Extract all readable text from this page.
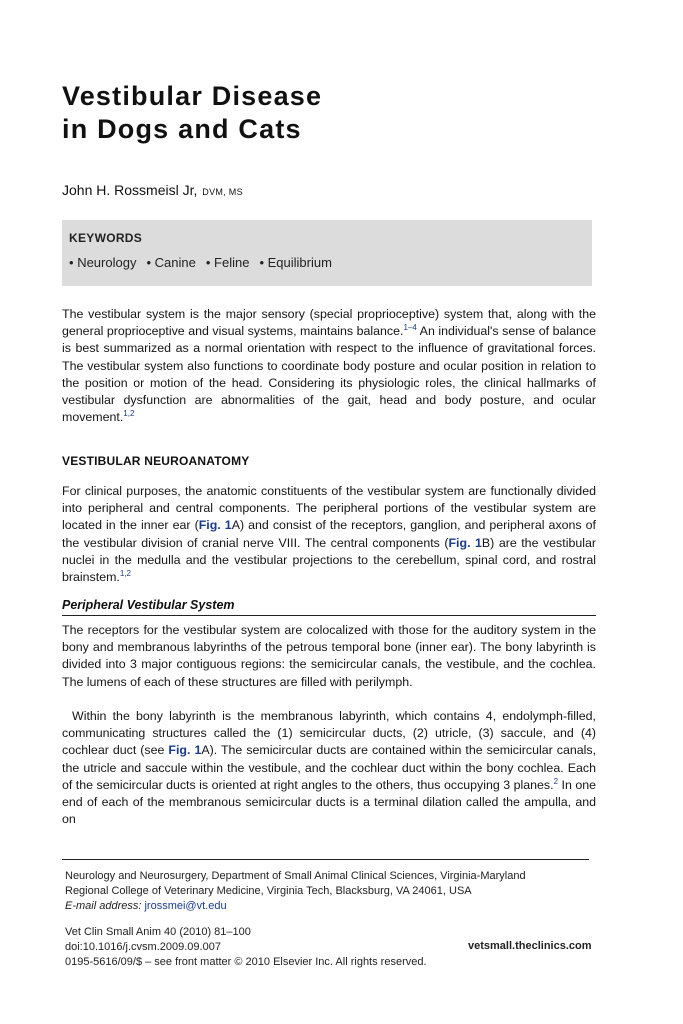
Vestibular Disease
in Dogs and Cats
John H. Rossmeisl Jr, DVM, MS
KEYWORDS
• Neurology • Canine • Feline • Equilibrium

The vestibular system is the major sensory (special proprioceptive) system that, along with the general proprioceptive and visual systems, maintains balance.$^{1-4}$ An individual's sense of balance is best summarized as a normal orientation with respect to the influence of gravitational forces. The vestibular system also functions to coordinate body posture and ocular position in relation to the position or motion of the head. Considering its physiologic roles, the clinical hallmarks of vestibular dysfunction are abnormalities of the gait, head and body posture, and ocular movement.$^{1,2}$

VESTIBULAR NEUROANATOMY

For clinical purposes, the anatomic constituents of the vestibular system are functionally divided into peripheral and central components. The peripheral portions of the vestibular system are located in the inner ear (Fig. 1A) and consist of the receptors, ganglion, and peripheral axons of the vestibular division of cranial nerve VIII. The central components (Fig. 1B) are the vestibular nuclei in the medulla and the vestibular projections to the cerebellum, spinal cord, and rostral brainstem.$^{1,2}$

Peripheral Vestibular System

The receptors for the vestibular system are colocalized with those for the auditory system in the bony and membranous labyrinths of the petrous temporal bone (inner ear). The bony labyrinth is divided into 3 major contiguous regions: the semicircular canals, the vestibule, and the cochlea. The lumens of each of these structures are filled with perilymph.

Within the bony labyrinth is the membranous labyrinth, which contains 4, endolymph-filled, communicating structures called the (1) semicircular ducts, (2) utricle, (3) saccule, and (4) cochlear duct (see Fig. 1A). The semicircular ducts are contained within the semicircular canals, the utricle and saccule within the vestibule, and the cochlear duct within the bony cochlea. Each of the semicircular ducts is oriented at right angles to the others, thus occupying 3 planes.$^2$ In one end of each of the membranous semicircular ducts is a terminal dilation called the ampulla, and on

Neurology and Neurosurgery, Department of Small Animal Clinical Sciences, Virginia-Maryland
Regional College of Veterinary Medicine, Virginia Tech, Blacksburg, VA 24061, USA
E-mail address: jrossmei@vt.edu
Vet Clin Small Anim 40 (2010) 81–100
doi:10.1016/j.cvsm.2009.09.007
0195-5616/09/$ – see front matter © 2010 Elsevier Inc. All rights reserved.
vetsmall.theclinics.com
